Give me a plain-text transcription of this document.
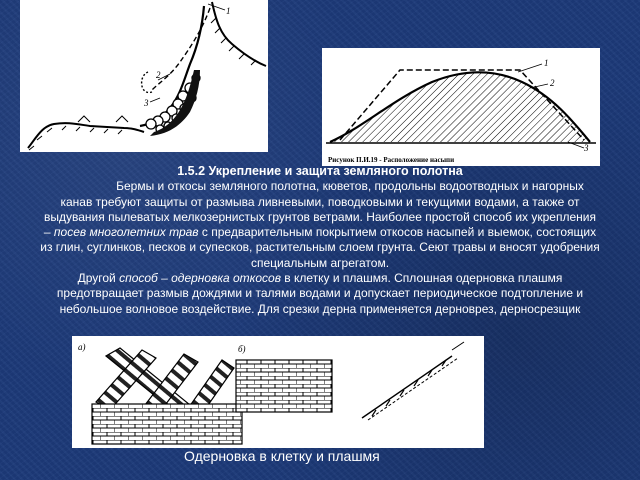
1
2
3
1
2
3
Рисунок П.И.19 - Расположение насыпи

1.5.2 Укрепление и защита земляного полотна

Бермы и откосы земляного полотна, кюветов, продольны водоотводных и нагорных канав требуют защиты от размыва ливневыми, поводковыми и текущими водами, а также от выдувания пылеватых мелкозернистых грунтов ветрами. Наиболее простой способ их укрепления – посев многолетних трав с предварительным покрытием откосов насыпей и выемок, состоящих из глин, суглинков, песков и супесков, растительным слоем грунта. Сеют травы и вносят удобрения специальным агрегатом.

Другой способ – одерновка откосов в клетку и плашмя. Сплошная одерновка плашмя предотвращает размыв дождями и талями водами и допускает периодическое подтопление и небольшое волновое воздействие. Для срезки дерна применяется дерноврез, дерносрезщик

а)	б)
Одерновка в клетку и плашмя
